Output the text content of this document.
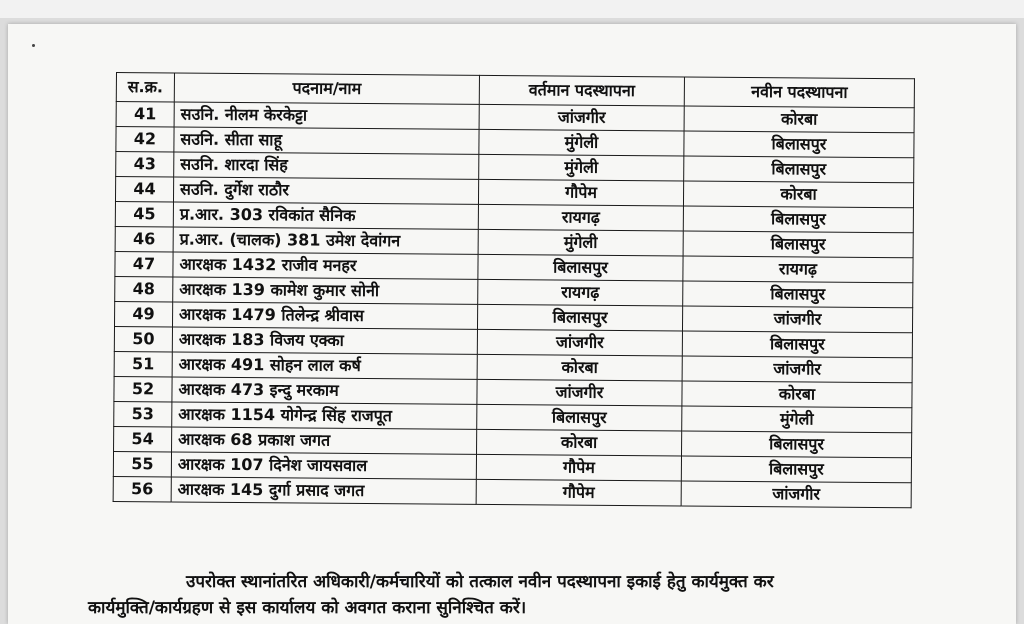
स.क्र.	पदनाम/नाम	वर्तमान पदस्थापना	नवीन पदस्थापना
41	सउनि. नीलम केरकेट्टा	जांजगीर	कोरबा
42	सउनि. सीता साहू	मुंगेली	बिलासपुर
43	सउनि. शारदा सिंह	मुंगेली	बिलासपुर
44	सउनि. दुर्गेश राठौर	गौपेम	कोरबा
45	प्र.आर. 303 रविकांत सैनिक	रायगढ़	बिलासपुर
46	प्र.आर. (चालक) 381 उमेश देवांगन	मुंगेली	बिलासपुर
47	आरक्षक 1432 राजीव मनहर	बिलासपुर	रायगढ़
48	आरक्षक 139 कामेश कुमार सोनी	रायगढ़	बिलासपुर
49	आरक्षक 1479 तिलेन्द्र श्रीवास	बिलासपुर	जांजगीर
50	आरक्षक 183 विजय एक्का	जांजगीर	बिलासपुर
51	आरक्षक 491 सोहन लाल कर्ष	कोरबा	जांजगीर
52	आरक्षक 473 इन्दु मरकाम	जांजगीर	कोरबा
53	आरक्षक 1154 योगेन्द्र सिंह राजपूत	बिलासपुर	मुंगेली
54	आरक्षक 68 प्रकाश जगत	कोरबा	बिलासपुर
55	आरक्षक 107 दिनेश जायसवाल	गौपेम	बिलासपुर
56	आरक्षक 145 दुर्गा प्रसाद जगत	गौपेम	जांजगीर
उपरोक्त स्थानांतरित अधिकारी/कर्मचारियों को तत्काल नवीन पदस्थापना इकाई हेतु कार्यमुक्त कर
कार्यमुक्ति/कार्यग्रहण से इस कार्यालय को अवगत कराना सुनिश्चित करें।
